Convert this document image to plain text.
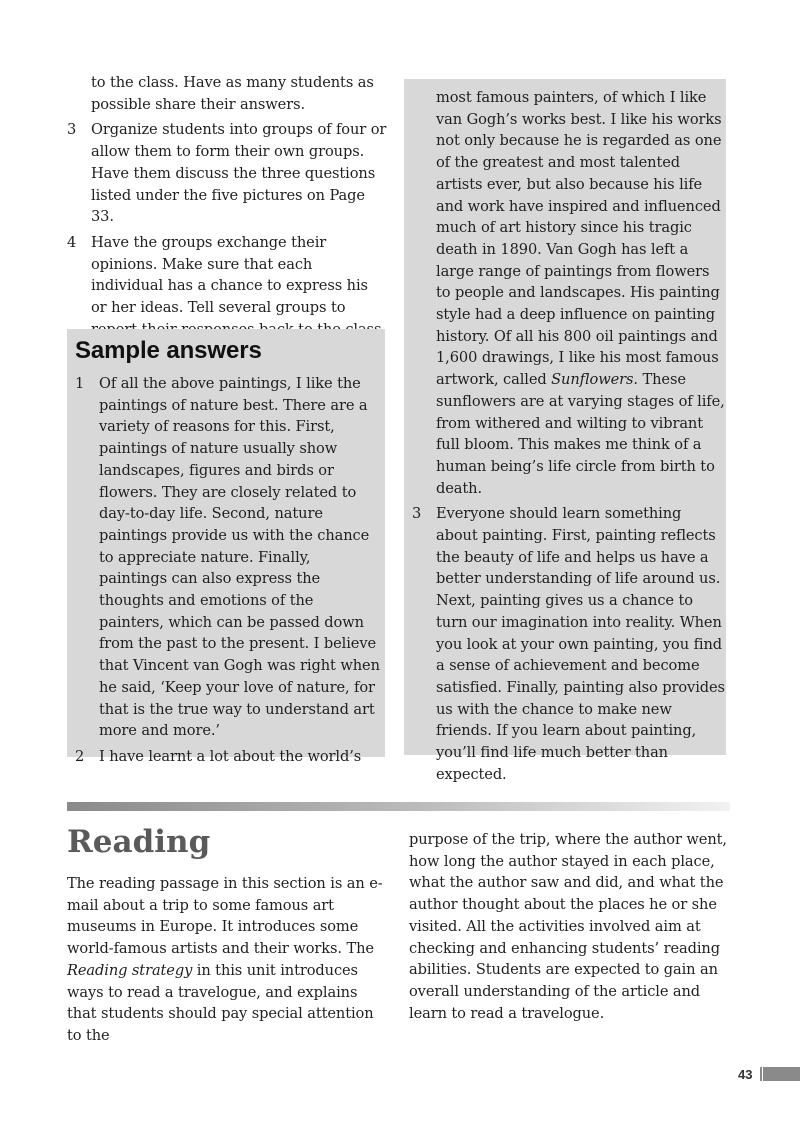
to the class. Have as many students as possible share their answers.
3	Organize students into groups of four or allow them to form their own groups. Have them discuss the three questions listed under the five pictures on Page 33.
4	Have the groups exchange their opinions. Make sure that each individual has a chance to express his or her ideas. Tell several groups to
Sample answers
1	Of all the above paintings, I like the paintings of nature best. There are a variety of reasons for this. First, paintings of nature usually show landscapes, figures and birds or flowers. They are closely related to day-to-day life. Second, nature paintings provide us with the chance to appreciate nature. Finally, paintings can also express the thoughts and emotions of the painters, which can be passed down from the past to the present. I believe that Vincent van Gogh was right when he said, ‘Keep your love of nature, for that is the true way to understand art more and more.’
2	I have learnt a lot about the world’s
most famous painters, of which I like van Gogh’s works best. I like his works not only because he is regarded as one of the greatest and most talented artists ever, but also because his life and work have inspired and influenced much of art history since his tragic death in 1890. Van Gogh has left a large range of paintings from flowers to people and landscapes. His painting style had a deep influence on painting history. Of all his 800 oil paintings and 1,600 drawings, I like his most famous artwork, called Sunflowers. These sunflowers are at varying stages of life, from withered and wilting to vibrant full bloom. This makes me think of a human being’s life circle from birth to death.
3	Everyone should learn something about painting. First, painting reflects the beauty of life and helps us have a better understanding of life around us. Next, painting gives us a chance to turn our imagination into reality. When you look at your own painting, you find a sense of achievement and become satisfied. Finally, painting also provides us with the chance to make new friends. If you learn about painting, you’ll find life much better than expected.
Reading
The reading passage in this section is an e-mail about a trip to some famous art museums in Europe. It introduces some world-famous artists and their works. The Reading strategy in this unit introduces ways to read a travelogue, and explains that students should pay special attention to the
purpose of the trip, where the author went, how long the author stayed in each place, what the author saw and did, and what the author thought about the places he or she visited. All the activities involved aim at checking and enhancing students’ reading abilities. Students are expected to gain an overall understanding of the article and learn to read a travelogue.
43
